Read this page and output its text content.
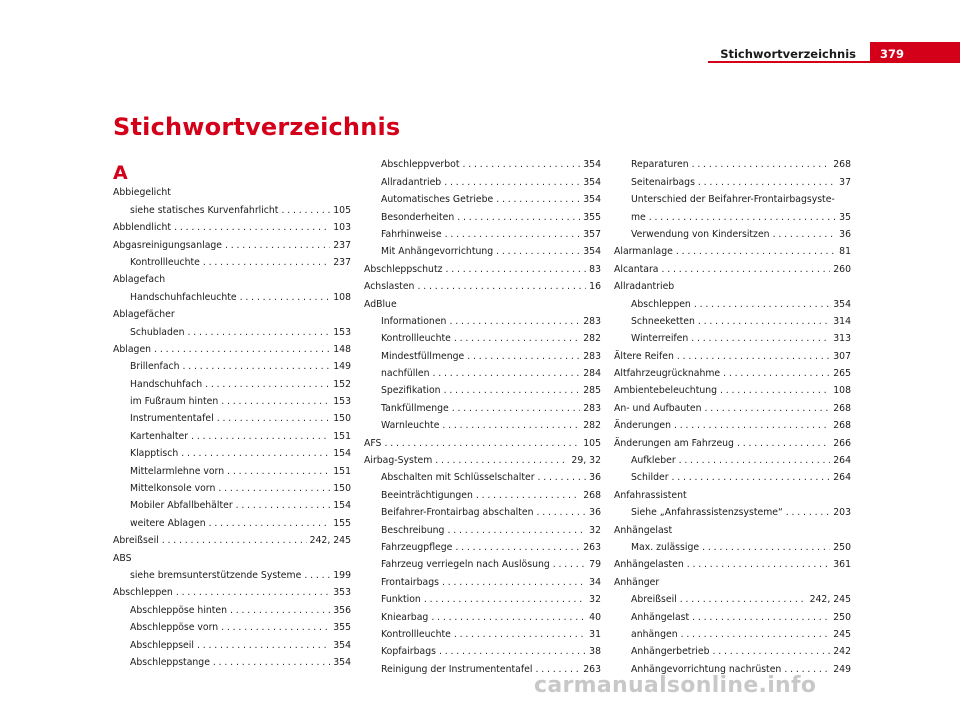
Stichwortverzeichnis 379
Stichwortverzeichnis
A
Abbiegelicht
siehe statisches Kurvenfahrlicht .....	105
Abblendlicht .....	103
Abgasreinigungsanlage .....	237
Kontrollleuchte .....	237
Ablagefach
Handschuhfachleuchte .....	108
Ablagefächer
Schubladen .....	153
Ablagen .....	148
Brillenfach .....	149
Handschuhfach .....	152
im Fußraum hinten .....	153
Instrumententafel .....	150
Kartenhalter .....	151
Klapptisch .....	154
Mittelarmlehne vorn .....	151
Mittelkonsole vorn .....	150
Mobiler Abfallbehälter .....	154
weitere Ablagen .....	155
Abreißseil .....	242, 245
ABS
siehe bremsunterstützende Systeme .....	199
Abschleppen .....	353
Abschleppöse hinten .....	356
Abschleppöse vorn .....	355
Abschleppseil .....	354
Abschleppstange .....	354
Abschleppverbot .....	354
Allradantrieb .....	354
Automatisches Getriebe .....	354
Besonderheiten .....	355
Fahrhinweise .....	357
Mit Anhängevorrichtung .....	354
Abschleppschutz .....	83
Achslasten .....	16
AdBlue
Informationen .....	283
Kontrollleuchte .....	282
Mindestfüllmenge .....	283
nachfüllen .....	284
Spezifikation .....	285
Tankfüllmenge .....	283
Warnleuchte .....	282
AFS .....	105
Airbag-System .....	29, 32
Abschalten mit Schlüsselschalter .....	36
Beeinträchtigungen .....	268
Beifahrer-Frontairbag abschalten .....	36
Beschreibung .....	32
Fahrzeugpflege .....	263
Fahrzeug verriegeln nach Auslösung .....	79
Frontairbags .....	34
Funktion .....	32
Kniearbag .....	40
Kontrollleuchte .....	31
Kopfairbags .....	38
Reinigung der Instrumententafel .....	263
Reparaturen .....	268
Seitenairbags .....	37
Unterschied der Beifahrer-Frontairbagsyste-
me .....	35
Verwendung von Kindersitzen .....	36
Alarmanlage .....	81
Alcantara .....	260
Allradantrieb
Abschleppen .....	354
Schneeketten .....	314
Winterreifen .....	313
Ältere Reifen .....	307
Altfahrzeugrücknahme .....	265
Ambientebeleuchtung .....	108
An- und Aufbauten .....	268
Änderungen .....	268
Änderungen am Fahrzeug .....	266
Aufkleber .....	264
Schilder .....	264
Anfahrassistent
Siehe „Anfahrassistenzsysteme“ .....	203
Anhängelast
Max. zulässige .....	250
Anhängelasten .....	361
Anhänger
Abreißseil .....	242, 245
Anhängelast .....	250
anhängen .....	245
Anhängerbetrieb .....	242
Anhängevorrichtung nachrüsten .....	249
carmanualsonline.info
